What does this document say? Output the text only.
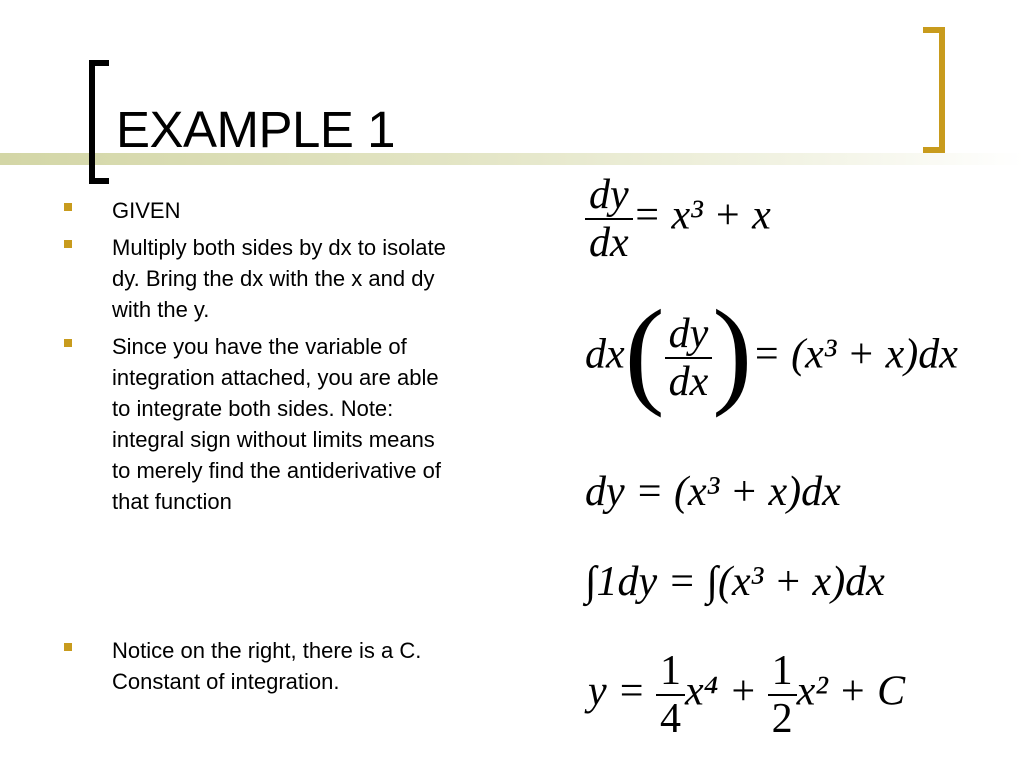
EXAMPLE 1
GIVEN
Multiply both sides by dx to isolate
dy. Bring the dx with the x and dy
with the y.
Since you have the variable of
integration attached, you are able
to integrate both sides. Note:
integral sign without limits means
to merely find the antiderivative of
that function
Notice on the right, there is a C.
Constant of integration.
$\frac{dy}{dx} = x^3 + x$
$dx( \frac{dy}{dx}$ )= (x³ + x)dx
dy = (x³ + x)dx
∫1dy = ∫(x³ + x)dx
$y = \frac{1}{4} x^4 + \frac{1}{2} x^2 + C$
